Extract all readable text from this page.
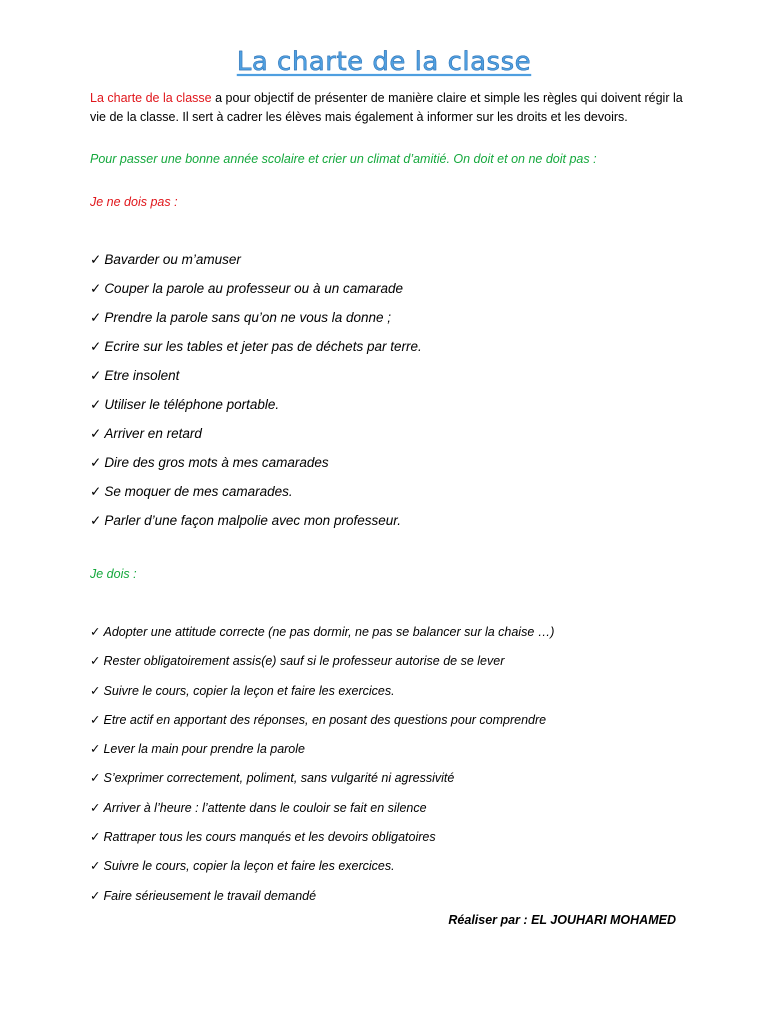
La charte de la classe

La charte de la classe a pour objectif de présenter de manière claire et simple les règles qui doivent régir la vie de la classe. Il sert à cadrer les élèves mais également à informer sur les droits et les devoirs.

Pour passer une bonne année scolaire et crier un climat d’amitié. On doit et on ne doit pas :

Je ne dois pas :
✓ Bavarder ou m’amuser
✓ Couper la parole au professeur ou à un camarade
✓ Prendre la parole sans qu’on ne vous la donne ;
✓ Ecrire sur les tables et jeter pas de déchets par terre.
✓ Etre insolent
✓ Utiliser le téléphone portable.
✓ Arriver en retard
✓ Dire des gros mots à mes camarades
✓ Se moquer de mes camarades.
✓ Parler d’une façon malpolie avec mon professeur.
Je dois :
✓ Adopter une attitude correcte (ne pas dormir, ne pas se balancer sur la chaise …)
✓ Rester obligatoirement assis(e) sauf si le professeur autorise de se lever
✓ Suivre le cours, copier la leçon et faire les exercices.
✓ Etre actif en apportant des réponses, en posant des questions pour comprendre
✓ Lever la main pour prendre la parole
✓ S’exprimer correctement, poliment, sans vulgarité ni agressivité
✓ Arriver à l’heure : l’attente dans le couloir se fait en silence
✓ Rattraper tous les cours manqués et les devoirs obligatoires
✓ Suivre le cours, copier la leçon et faire les exercices.
✓ Faire sérieusement le travail demandé
Réaliser par : EL JOUHARI MOHAMED
